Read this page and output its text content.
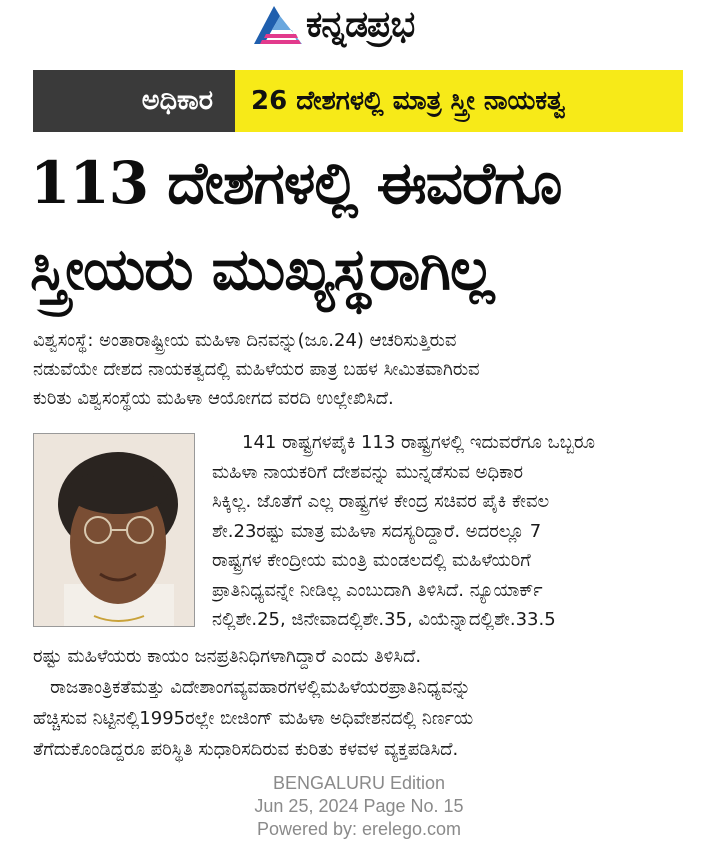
ಕನ್ನಡಪ್ರಭ
ಅಧಿಕಾರ	26 ದೇಶಗಳಲ್ಲಿ ಮಾತ್ರ ಸ್ತ್ರೀ ನಾಯಕತ್ವ
113 ದೇಶಗಳಲ್ಲಿ ಈವರೆಗೂ
ಸ್ತ್ರೀಯರು ಮುಖ್ಯಸ್ಥರಾಗಿಲ್ಲ

ವಿಶ್ವಸಂಸ್ಥೆ: ಅಂತಾರಾಷ್ಟ್ರೀಯ ಮಹಿಳಾ ದಿನವನ್ನು(ಜೂ.24) ಆಚರಿಸುತ್ತಿರುವ
ನಡುವೆಯೇ ದೇಶದ ನಾಯಕತ್ವದಲ್ಲಿ ಮಹಿಳೆಯರ ಪಾತ್ರ ಬಹಳ ಸೀಮಿತವಾಗಿರುವ
ಕುರಿತು ವಿಶ್ವಸಂಸ್ಥೆಯ ಮಹಿಳಾ ಆಯೋಗದ ವರದಿ ಉಲ್ಲೇಖಿಸಿದೆ.

141 ರಾಷ್ಟ್ರಗಳಪೈಕಿ 113 ರಾಷ್ಟ್ರಗಳಲ್ಲಿ ಇದುವರೆಗೂ ಒಬ್ಬರೂ
ಮಹಿಳಾ ನಾಯಕರಿಗೆ ದೇಶವನ್ನು ಮುನ್ನಡೆಸುವ ಅಧಿಕಾರ
ಸಿಕ್ಕಿಲ್ಲ. ಜೊತೆಗೆ ಎಲ್ಲ ರಾಷ್ಟ್ರಗಳ ಕೇಂದ್ರ ಸಚಿವರ ಪೈಕಿ ಕೇವಲ
ಶೇ.23ರಷ್ಟು ಮಾತ್ರ ಮಹಿಳಾ ಸದಸ್ಯರಿದ್ದಾರೆ. ಅದರಲ್ಲೂ 7
ರಾಷ್ಟ್ರಗಳ ಕೇಂದ್ರೀಯ ಮಂತ್ರಿ ಮಂಡಲದಲ್ಲಿ ಮಹಿಳೆಯರಿಗೆ
ಪ್ರಾತಿನಿಧ್ಯವನ್ನೇ ನೀಡಿಲ್ಲ ಎಂಬುದಾಗಿ ತಿಳಿಸಿದೆ. ನ್ಯೂಯಾರ್ಕ್
ನಲ್ಲಿಶೇ.25, ಜಿನೇವಾದಲ್ಲಿಶೇ.35, ವಿಯೆನ್ನಾದಲ್ಲಿಶೇ.33.5

ರಷ್ಟು ಮಹಿಳೆಯರು ಕಾಯಂ ಜನಪ್ರತಿನಿಧಿಗಳಾಗಿದ್ದಾರೆ ಎಂದು ತಿಳಿಸಿದೆ.
ರಾಜತಾಂತ್ರಿಕತೆಮತ್ತು ವಿದೇಶಾಂಗವ್ಯವಹಾರಗಳಲ್ಲಿಮಹಿಳೆಯರಪ್ರಾತಿನಿಧ್ಯವನ್ನು
ಹೆಚ್ಚಿಸುವ ನಿಟ್ಟಿನಲ್ಲಿ1995ರಲ್ಲೇ ಬೀಜಿಂಗ್ ಮಹಿಳಾ ಅಧಿವೇಶನದಲ್ಲಿ ನಿರ್ಣಯ
ತೆಗೆದುಕೊಂಡಿದ್ದರೂ ಪರಿಸ್ಥಿತಿ ಸುಧಾರಿಸದಿರುವ ಕುರಿತು ಕಳವಳ ವ್ಯಕ್ತಪಡಿಸಿದೆ.

BENGALURU Edition
Jun 25, 2024 Page No. 15
Powered by: erelego.com
